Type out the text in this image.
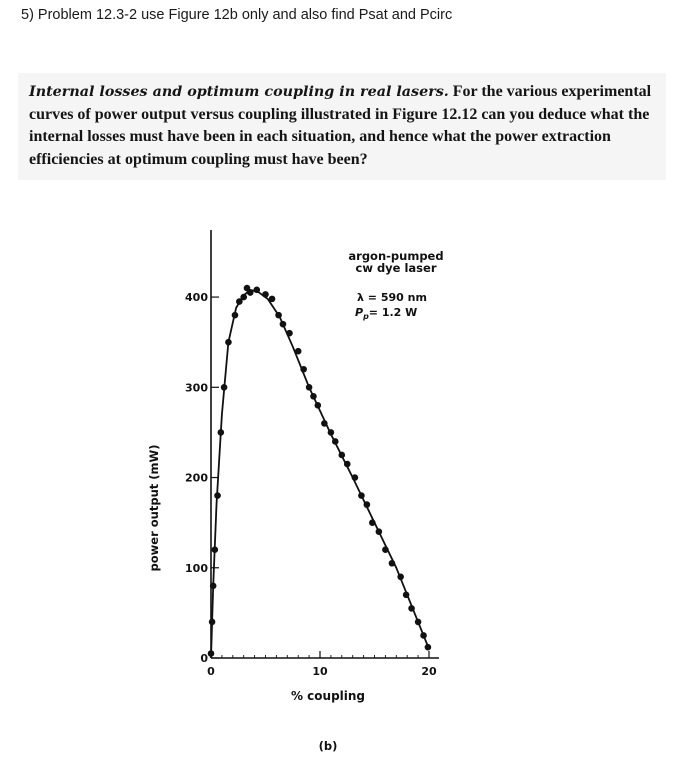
5) Problem 12.3-2 use Figure 12b only and also find Psat and Pcirc
Internal losses and optimum coupling in real lasers. For the various experimental curves of power output versus coupling illustrated in Figure 12.12 can you deduce what the internal losses must have been in each situation, and hence what the power extraction efficiencies at optimum coupling must have been?
0
100
200
300
400
0	10	20
power output (mW)
% coupling
(b)
argon-pumped
cw dye laser
λ = 590 nm
$P_p= 1.2$ W
